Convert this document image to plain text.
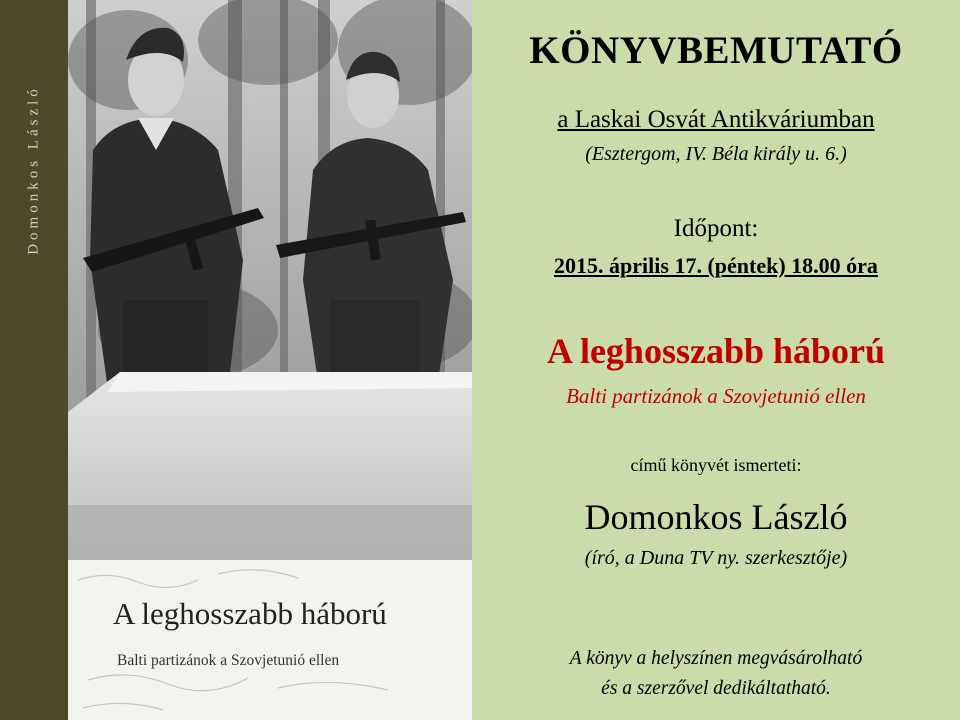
Domonkos László
A leghosszabb háború
Balti partizánok a Szovjetunió ellen
KÖNYVBEMUTATÓ
a Laskai Osvát Antikváriumban
(Esztergom, IV. Béla király u. 6.)
Időpont:
2015. április 17. (péntek) 18.00 óra
A leghosszabb háború
Balti partizánok a Szovjetunió ellen
című könyvét ismerteti:
Domonkos László
(író, a Duna TV ny. szerkesztője)
A könyv a helyszínen megvásárolható
és a szerzővel dedikáltatható.
